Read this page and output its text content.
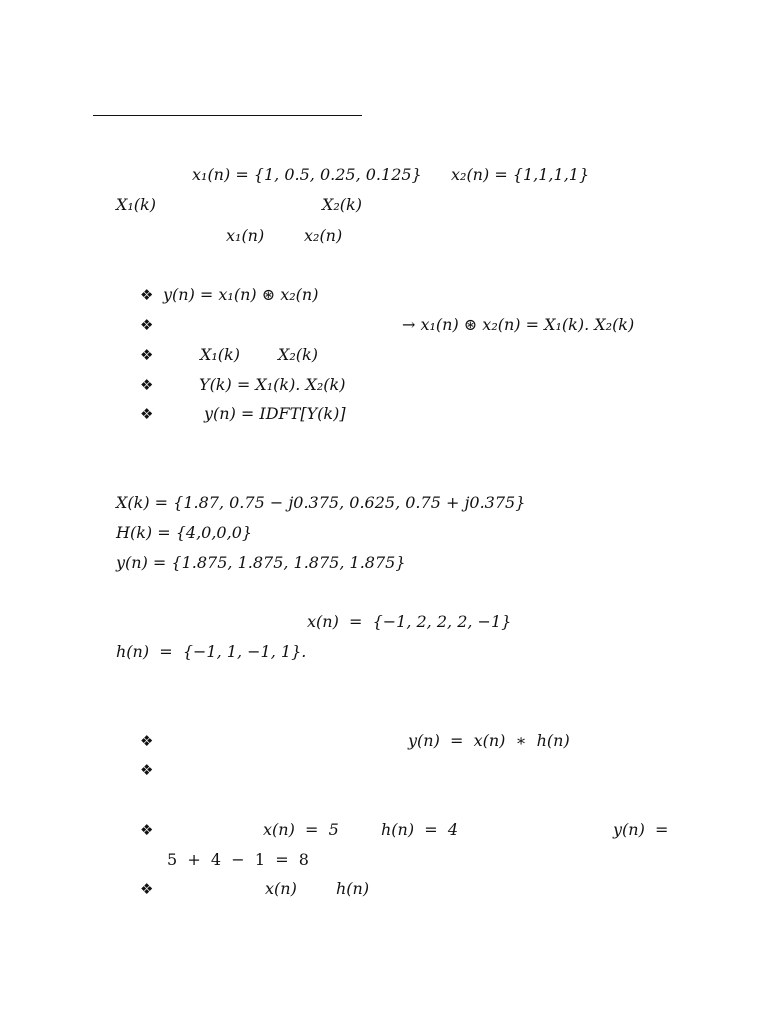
x₁(n) = {1, 0.5, 0.25, 0.125} x₂(n) = {1,1,1,1}
X₁(k)	X₂(k)
x₁(n) x₂(n)
❖ y(n) = x₁(n) ⊛ x₂(n)
❖	→ x₁(n) ⊛ x₂(n) = X₁(k). X₂(k)
❖	X₁(k) X₂(k)
❖	Y(k) = X₁(k). X₂(k)
❖	y(n) = IDFT[Y(k)]
X(k) = {1.87, 0.75 − j0.375, 0.625, 0.75 + j0.375}
H(k) = {4,0,0,0}
y(n) = {1.875, 1.875, 1.875, 1.875}
x(n)  =  {−1, 2, 2, 2, −1}
h(n)  =  {−1, 1, −1, 1}.
❖	y(n)  =  x(n)  ∗  h(n)
❖
❖	x(n)  =  5	h(n)  =  4	y(n)  =
5  +  4  −  1  =  8
❖	x(n) h(n)
